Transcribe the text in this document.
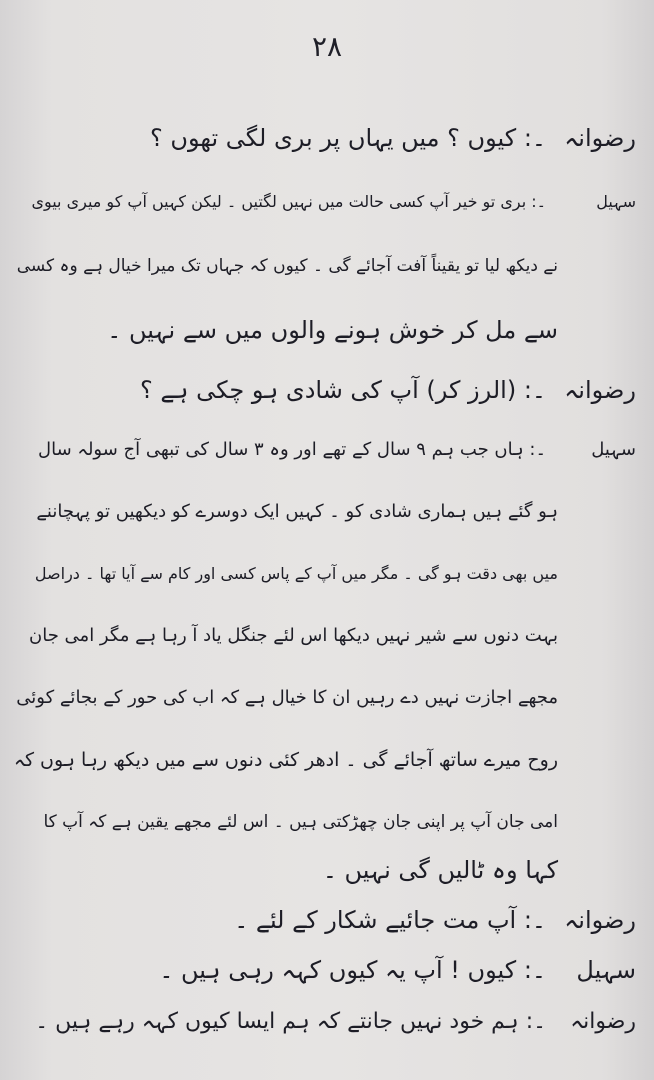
۲۸
رضوانہ۔: کیوں ؟ میں یہاں پر بری لگی تھوں ؟
سہیل۔: بری تو خیر آپ کسی حالت میں نہیں لگتیں ۔ لیکن کہیں آپ کو میری بیوی
نے دیکھ لیا تو یقیناً آفت آجائے گی ۔ کیوں کہ جہاں تک میرا خیال ہے وہ کسی
سے مل کر خوش ہونے والوں میں سے نہیں ۔
رضوانہ۔: (الرز کر) آپ کی شادی ہو چکی ہے ؟
سہیل۔: ہاں جب ہم ۹ سال کے تھے اور وہ ۳ سال کی تبھی آج سولہ سال
ہو گئے ہیں ہماری شادی کو ۔ کہیں ایک دوسرے کو دیکھیں تو پہچاننے
میں بھی دقت ہو گی ۔ مگر میں آپ کے پاس کسی اور کام سے آیا تھا ۔ دراصل
بہت دنوں سے شیر نہیں دیکھا اس لئے جنگل یاد آ رہا ہے مگر امی جان
مجھے اجازت نہیں دے رہیں ان کا خیال ہے کہ اب کی حور کے بجائے کوئی
روح میرے ساتھ آجائے گی ۔ ادھر کئی دنوں سے میں دیکھ رہا ہوں کہ
امی جان آپ پر اپنی جان چھڑکتی ہیں ۔ اس لئے مجھے یقین ہے کہ آپ کا
کہا وہ ٹالیں گی نہیں ۔
رضوانہ۔: آپ مت جائیے شکار کے لئے ۔
سہیل۔: کیوں ! آپ یہ کیوں کہہ رہی ہیں ۔
رضوانہ۔: ہم خود نہیں جانتے کہ ہم ایسا کیوں کہہ رہے ہیں ۔
